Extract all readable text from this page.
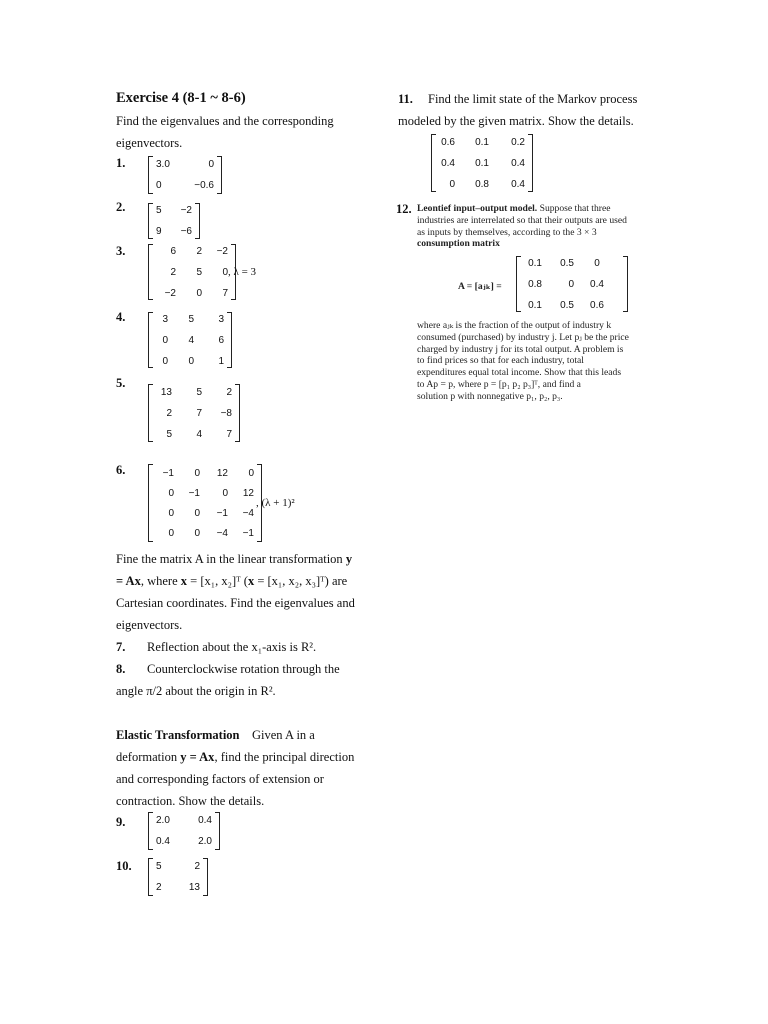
Exercise 4 (8-1 ~ 8-6)
Find the eigenvalues and the corresponding
eigenvectors.
1.	3.0	0
0	−0.6
2.	5	−2
9	−6
3.	6	2	−2
2	5	0
−2	0	7
, λ = 3
4.	3	5	3
0	4	6
0	0	1
5.
13	5	2
2	7	−8
5	4	7
6.	−1	0	12	0
0	−1	0	12
0	0	−1	−4
0	0	−4	−1
, (λ + 1)²
Fine the matrix A in the linear transformation y
= Ax, where x = [x₁, x₂]ᵀ (x = [x₁, x₂, x₃]ᵀ) are
Cartesian coordinates. Find the eigenvalues and
eigenvectors.
7. Reflection about the x₁-axis is R².
8. Counterclockwise rotation through the
angle π/2 about the origin in R².
Elastic Transformation Given A in a
deformation y = Ax, find the principal direction
and corresponding factors of extension or
contraction. Show the details.
9.	2.0	0.4
0.4	2.0
10. 5	2
2	13
11. Find the limit state of the Markov process
modeled by the given matrix. Show the details.
0.6	0.1	0.2
0.4	0.1	0.4
0	0.8	0.4
12. Leontief input–output model. Suppose that three
industries are interrelated so that their outputs are used
as inputs by themselves, according to the 3 × 3
consumption matrix
A = [aⱼₖ] =
0.1	0.5	0
0.8	0	0.4
0.1	0.5	0.6
where aⱼₖ is the fraction of the output of industry k
consumed (purchased) by industry j. Let pⱼ be the price
charged by industry j for its total output. A problem is
to find prices so that for each industry, total
expenditures equal total income. Show that this leads
to Ap = p, where p = [p₁ p₂ p₃]ᵀ, and find a
solution p with nonnegative p₁, p₂, p₃.
